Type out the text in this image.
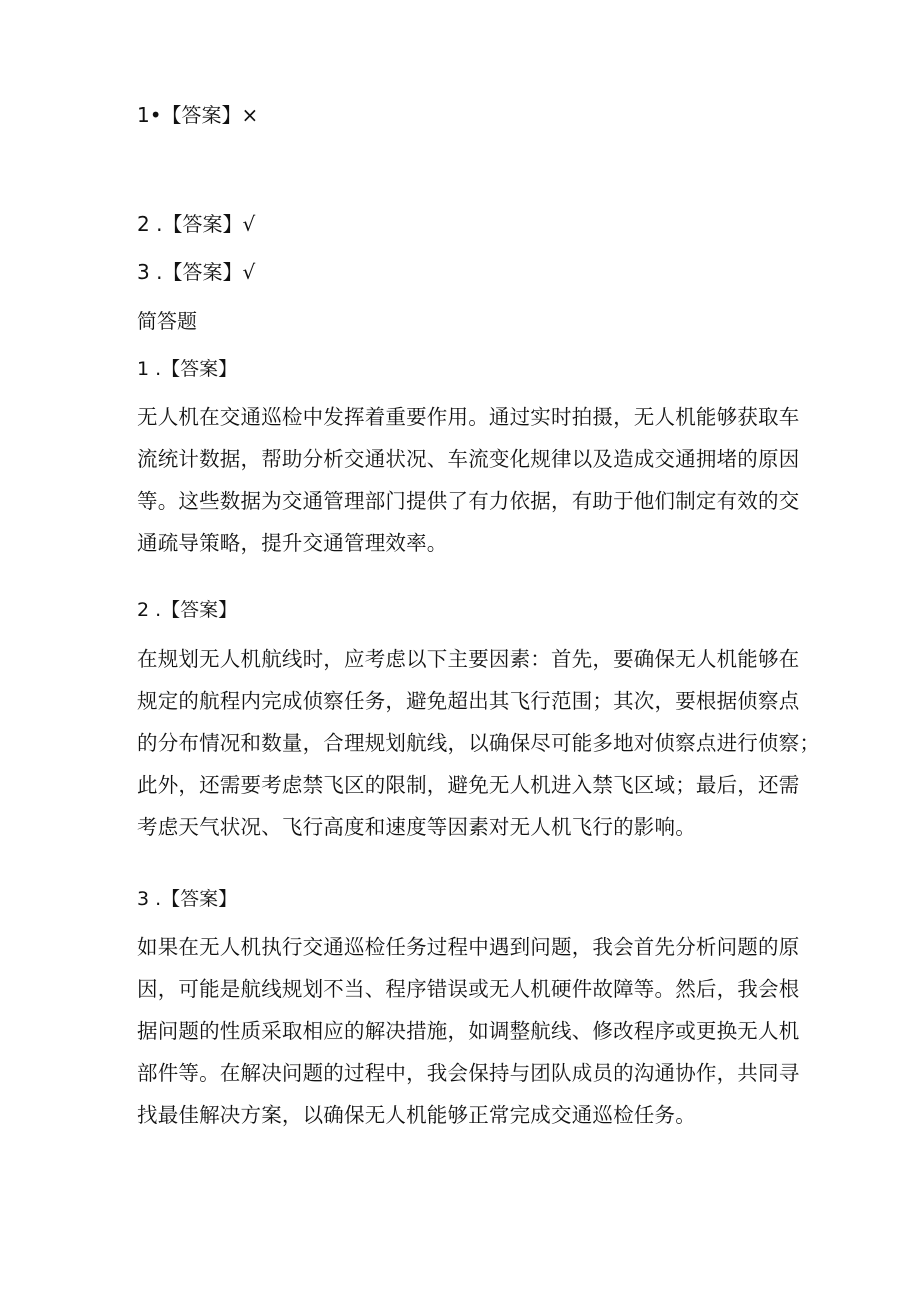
1•【答案】×
2 .【答案】√
3 .【答案】√
简答题
1 .【答案】
无人机在交通巡检中发挥着重要作用。通过实时拍摄，无人机能够获取车
流统计数据，帮助分析交通状况、车流变化规律以及造成交通拥堵的原因
等。这些数据为交通管理部门提供了有力依据，有助于他们制定有效的交
通疏导策略，提升交通管理效率。
2 .【答案】
在规划无人机航线时，应考虑以下主要因素：首先，要确保无人机能够在
规定的航程内完成侦察任务，避免超出其飞行范围；其次，要根据侦察点
的分布情况和数量，合理规划航线，以确保尽可能多地对侦察点进行侦察；
此外，还需要考虑禁飞区的限制，避免无人机进入禁飞区域；最后，还需
考虑天气状况、飞行高度和速度等因素对无人机飞行的影响。
3 .【答案】
如果在无人机执行交通巡检任务过程中遇到问题，我会首先分析问题的原
因，可能是航线规划不当、程序错误或无人机硬件故障等。然后，我会根
据问题的性质采取相应的解决措施，如调整航线、修改程序或更换无人机
部件等。在解决问题的过程中，我会保持与团队成员的沟通协作，共同寻
找最佳解决方案，以确保无人机能够正常完成交通巡检任务。
